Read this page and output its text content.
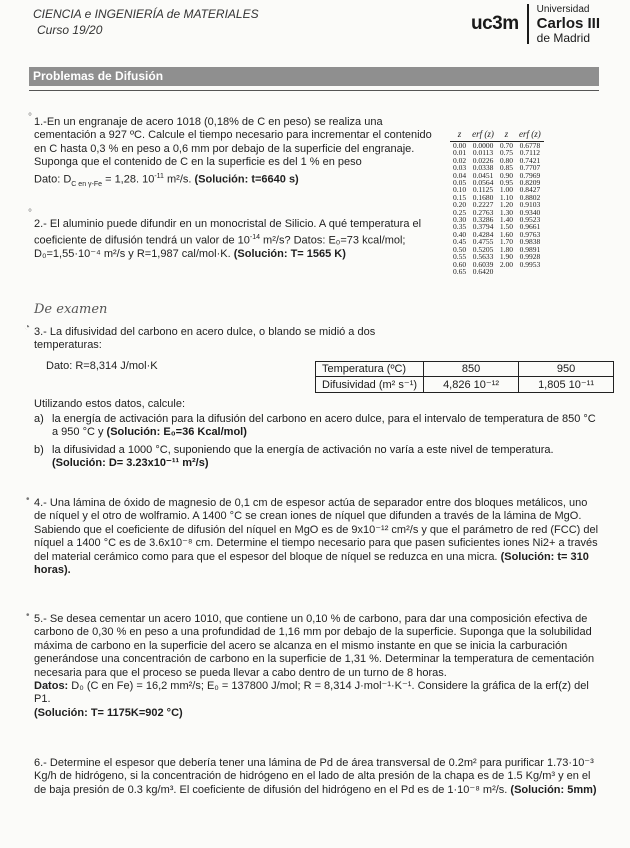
CIENCIA e INGENIERÍA de MATERIALES
Curso 19/20	uc3m
Universidad
Carlos III
de Madrid
Problemas de Difusión
° 1.-En un engranaje de acero 1018 (0,18% de C en peso) se realiza una cementación a 927 ºC. Calcule el tiempo necesario para incrementar el contenido en C hasta 0,3 % en peso a 0,6 mm por debajo de la superficie del engranaje. Suponga que el contenido de C en la superficie es del 1 % en peso
Dato: $D_{C en \gamma-Fe} = 1,28$. $10^{-11}$ m²/s. (Solución: t=6640 s)
z	erf (z)	z	erf (z)
0.00	0.0000	0.70	0.6778
0.01	0.0113	0.75	0.7112
0.02	0.0226	0.80	0.7421
0.03	0.0338	0.85	0.7707
0.04	0.0451	0.90	0.7969
0.05	0.0564	0.95	0.8209
0.10	0.1125	1.00	0.8427
0.15	0.1680	1.10	0.8802
0.20	0.2227	1.20	0.9103
0.25	0.2763	1.30	0.9340
0.30	0.3286	1.40	0.9523
0.35	0.3794	1.50	0.9661
0.40	0.4284	1.60	0.9763
0.45	0.4755	1.70	0.9838
0.50	0.5205	1.80	0.9891
0.55	0.5633	1.90	0.9928
0.60	0.6039	2.00	0.9953
0.65	0.6420		
°
2.- El aluminio puede difundir en un monocristal de Silicio. A qué temperatura el coeficiente de difusión tendrá un valor de $10^{-14}$ m²/s? Datos: E₀=73 kcal/mol; D₀=1,55·10⁻⁴ m²/s y R=1,987 cal/mol·K. (Solución: T= 1565 K)
De examen
◔ 3.- La difusividad del carbono en acero dulce, o blando se midió a dos temperaturas:
Dato: R=8,314 J/mol·K	Temperatura (ºC)	850	950
Difusividad (m² s⁻¹)	4,826 10⁻¹²	1,805 10⁻¹¹
Utilizando estos datos, calcule:
a) la energía de activación para la difusión del carbono en acero dulce, para el intervalo de temperatura de 850 °C a 950 °C y (Solución: E₀=36 Kcal/mol)
b) la difusividad a 1000 °C, suponiendo que la energía de activación no varía a este nivel de temperatura.
(Solución: D= 3.23x10⁻¹¹ m²/s)
• 4.- Una lámina de óxido de magnesio de 0,1 cm de espesor actúa de separador entre dos bloques metálicos, uno de níquel y el otro de wolframio. A 1400 °C se crean iones de níquel que difunden a través de la lámina de MgO. Sabiendo que el coeficiente de difusión del níquel en MgO es de 9x10⁻¹² cm²/s y que el parámetro de red (FCC) del níquel a 1400 °C es de 3.6x10⁻⁸ cm. Determine el tiempo necesario para que pasen suficientes iones Ni2+ a través del material cerámico como para que el espesor del bloque de níquel se reduzca en una micra. (Solución: t= 310 horas).
• 5.- Se desea cementar un acero 1010, que contiene un 0,10 % de carbono, para dar una composición efectiva de carbono de 0,30 % en peso a una profundidad de 1,16 mm por debajo de la superficie. Suponga que la solubilidad máxima de carbono en la superficie del acero se alcanza en el mismo instante en que se inicia la carburación generándose una concentración de carbono en la superficie de 1,31 %. Determinar la temperatura de cementación necesaria para que el proceso se pueda llevar a cabo dentro de un turno de 8 horas.
Datos: D₀ (C en Fe) = 16,2 mm²/s; E₀ = 137800 J/mol; R = 8,314 J·mol⁻¹·K⁻¹. Considere la gráfica de la erf(z) del P1.
(Solución: T= 1175K=902 °C)
6.- Determine el espesor que debería tener una lámina de Pd de área transversal de 0.2m² para purificar 1.73·10⁻³ Kg/h de hidrógeno, si la concentración de hidrógeno en el lado de alta presión de la chapa es de 1.5 Kg/m³ y en el de baja presión de 0.3 kg/m³. El coeficiente de difusión del hidrógeno en el Pd es de 1·10⁻⁸ m²/s. (Solución: 5mm)
